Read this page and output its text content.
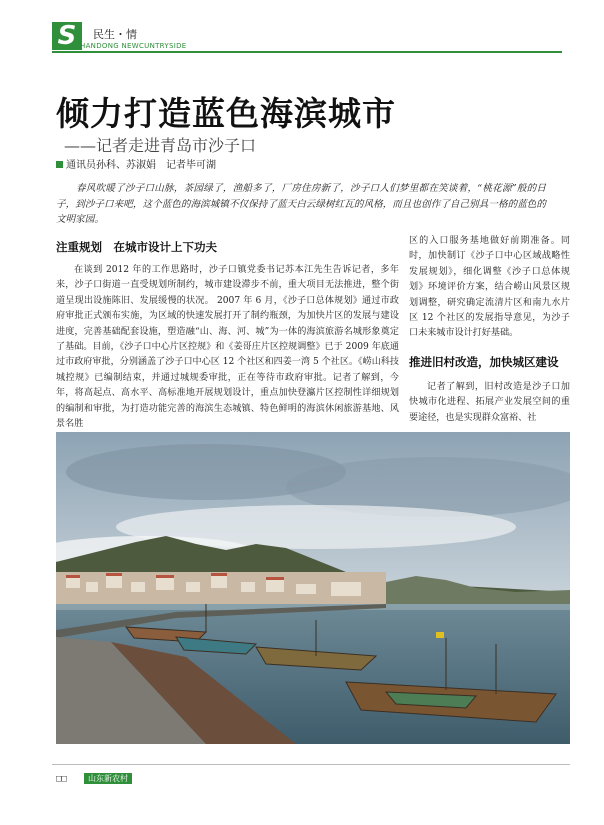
S	民生・情
HANDONG NEWCUNTRYSIDE
倾力打造蓝色海滨城市
——记者走进青岛市沙子口
通讯员孙科、苏淑娟　记者毕可湖
春风吹暖了沙子口山脉，茶园绿了，渔船多了，厂房住房新了，沙子口人们梦里都在笑谈着，“桃花源”般的日子，到沙子口来吧，这个蓝色的海滨城镇不仅保持了蓝天白云绿树红瓦的风格，而且也创作了自己别具一格的蓝色的文明家园。
注重规划　在城市设计上下功夫

在谈到 2012 年的工作思路时，沙子口镇党委书记苏本江先生告诉记者，多年来，沙子口街道一直受规划所制约，城市建设滞步不前，重大项目无法推进，整个街道呈现出设施陈旧、发展缓慢的状况。 2007 年 6 月，《沙子口总体规划》通过市政府审批正式颁布实施，为区域的快速发展打开了制约瓶颈，为加快片区的发展与建设进度，完善基础配套设施，塑造融“山、海、河、城”为一体的海滨旅游名城形象奠定了基础。目前，《沙子口中心片区控规》和《姜哥庄片区控规调整》已于 2009 年底通过市政府审批，分别涵盖了沙子口中心区 12 个社区和四姜一湾 5 个社区。《崂山科技城控规》已编制结束，并通过城规委审批，正在等待市政府审批。记者了解到，今年，将高起点、高水平、高标准地开展规划设计，重点加快登瀛片区控制性详细规划的编制和审批，为打造功能完善的海滨生态城镇、特色鲜明的海滨休闲旅游基地、风景名胜

区的入口服务基地做好前期准备。同时，加快制订《沙子口中心区域战略性发展规划》，细化调整《沙子口总体规划》环境评价方案，结合崂山风景区规划调整，研究确定流清片区和南九水片区 12 个社区的发展指导意见，为沙子口未来城市设计打好基础。

推进旧村改造，加快城区建设

记者了解到，旧村改造是沙子口加快城市化进程、拓展产业发展空间的重要途径，也是实现群众富裕、社

□□	山东新农村
